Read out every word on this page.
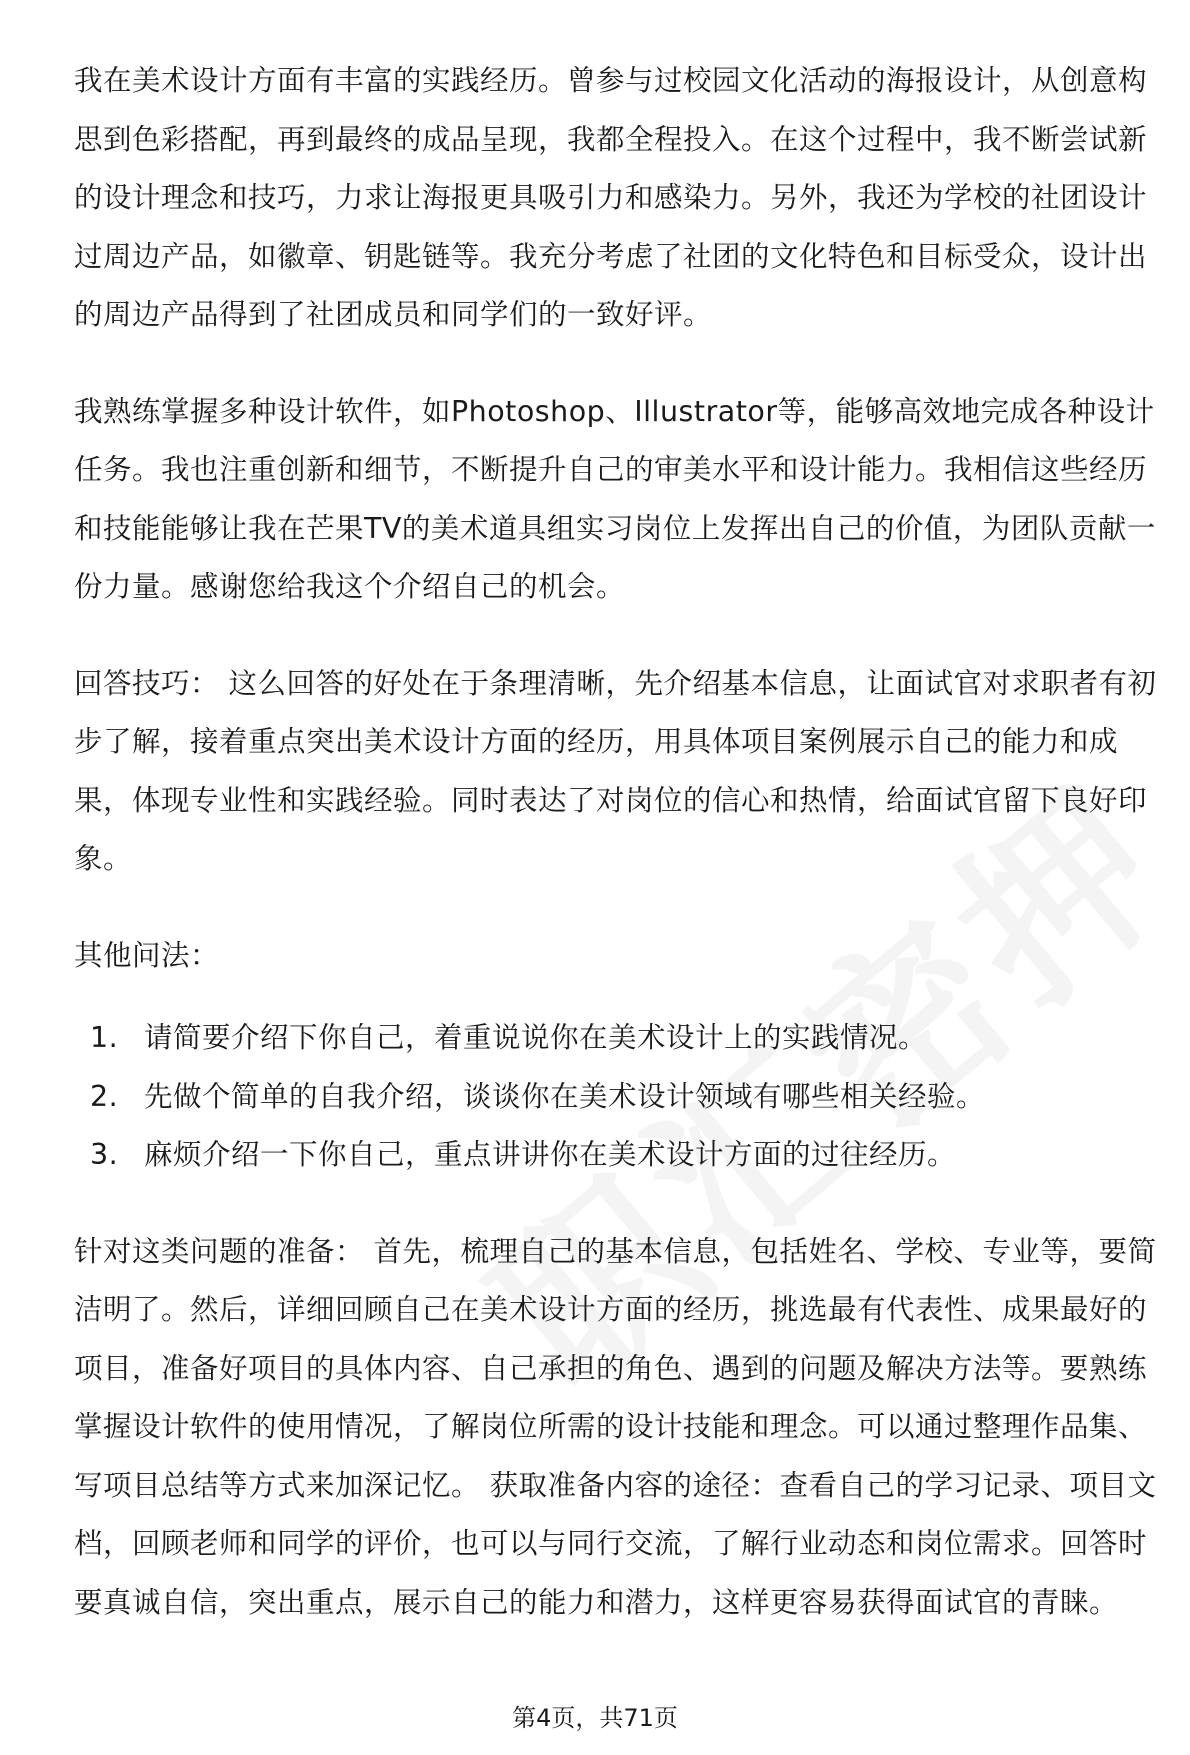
我在美术设计方面有丰富的实践经历。曾参与过校园文化活动的海报设计，从创意构思到色彩搭配，再到最终的成品呈现，我都全程投入。在这个过程中，我不断尝试新的设计理念和技巧，力求让海报更具吸引力和感染力。另外，我还为学校的社团设计过周边产品，如徽章、钥匙链等。我充分考虑了社团的文化特色和目标受众，设计出的周边产品得到了社团成员和同学们的一致好评。

我熟练掌握多种设计软件，如Photoshop、Illustrator等，能够高效地完成各种设计任务。我也注重创新和细节，不断提升自己的审美水平和设计能力。我相信这些经历和技能能够让我在芒果TV的美术道具组实习岗位上发挥出自己的价值，为团队贡献一份力量。感谢您给我这个介绍自己的机会。

回答技巧： 这么回答的好处在于条理清晰，先介绍基本信息，让面试官对求职者有初步了解，接着重点突出美术设计方面的经历，用具体项目案例展示自己的能力和成果，体现专业性和实践经验。同时表达了对岗位的信心和热情，给面试官留下良好印象。

其他问法：

1. 请简要介绍下你自己，着重说说你在美术设计上的实践情况。
2. 先做个简单的自我介绍，谈谈你在美术设计领域有哪些相关经验。
3. 麻烦介绍一下你自己，重点讲讲你在美术设计方面的过往经历。

针对这类问题的准备： 首先，梳理自己的基本信息，包括姓名、学校、专业等，要简洁明了。然后，详细回顾自己在美术设计方面的经历，挑选最有代表性、成果最好的项目，准备好项目的具体内容、自己承担的角色、遇到的问题及解决方法等。要熟练掌握设计软件的使用情况，了解岗位所需的设计技能和理念。可以通过整理作品集、写项目总结等方式来加深记忆。 获取准备内容的途径：查看自己的学习记录、项目文档，回顾老师和同学的评价，也可以与同行交流，了解行业动态和岗位需求。回答时要真诚自信，突出重点，展示自己的能力和潜力，这样更容易获得面试官的青睐。

第4页，共71页
